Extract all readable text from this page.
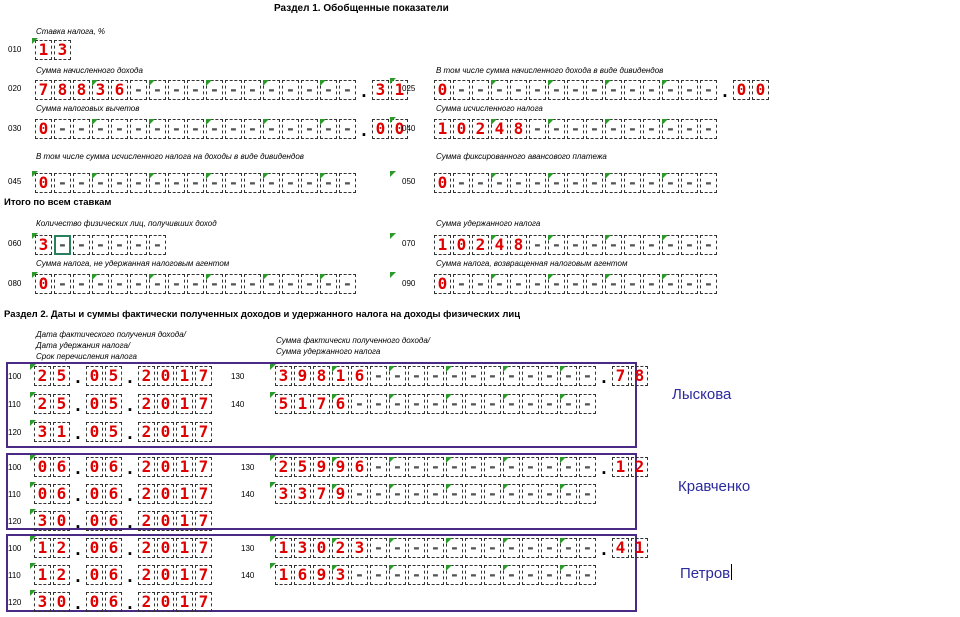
Раздел 1. Обобщенные показатели
Ставка налога, %
010 1 3
Сумма начисленного дохода
020 7 8 8 3 6 - - - - - - - - - - - - . 3 1
В том числе сумма начисленного дохода в виде дивидендов
025 0 - - - - - - - - - - - - - - . 0 0
Сумма налоговых вычетов
030 0 - - - - - - - - - - - - - - - - . 0 0
Сумма исчисленного налога
040 1 0 2 4 8 - - - - - - - - - -
В том числе сумма исчисленного налога на доходы в виде дивидендов
045 0 - - - - - - - - - - - - - - - -
Сумма фиксированного авансового платежа
050 0 - - - - - - - - - - - - - -
Итого по всем ставкам
Количество физических лиц, получивших доход
060 3 - - - - - -
Сумма удержанного налога
070 1 0 2 4 8 - - - - - - - - - -
Сумма налога, не удержанная налоговым агентом
080 0 - - - - - - - - - - - - - - - -
Сумма налога, возвращенная налоговым агентом
090 0 - - - - - - - - - - - - - -
Раздел 2. Даты и суммы фактически полученных доходов и удержанного налога на доходы физических лиц
Дата фактического получения дохода/
Дата удержания налога/
Срок перечисления налога
Сумма фактически полученного дохода/
Сумма удержанного налога
100 2 5 . 0 5 . 2 0 1 7
110 2 5 . 0 5 . 2 0 1 7
120 3 1 . 0 5 . 2 0 1 7
130 3 9 8 1 6 - - - - - - - - - - - - . 7 8
140 5 1 7 6 - - - - - - - - - - - - -	Лыскова
100 0 6 . 0 6 . 2 0 1 7
110 0 6 . 0 6 . 2 0 1 7
120 3 0 . 0 6 . 2 0 1 7
130 2 5 9 9 6 - - - - - - - - - - - - . 1 2
140 3 3 7 9 - - - - - - - - - - - - -	Кравченко
100 1 2 . 0 6 . 2 0 1 7
110 1 2 . 0 6 . 2 0 1 7
120 3 0 . 0 6 . 2 0 1 7
130 1 3 0 2 3 - - - - - - - - - - - - . 4 1
140 1 6 9 3 - - - - - - - - - - - - -	Петров
